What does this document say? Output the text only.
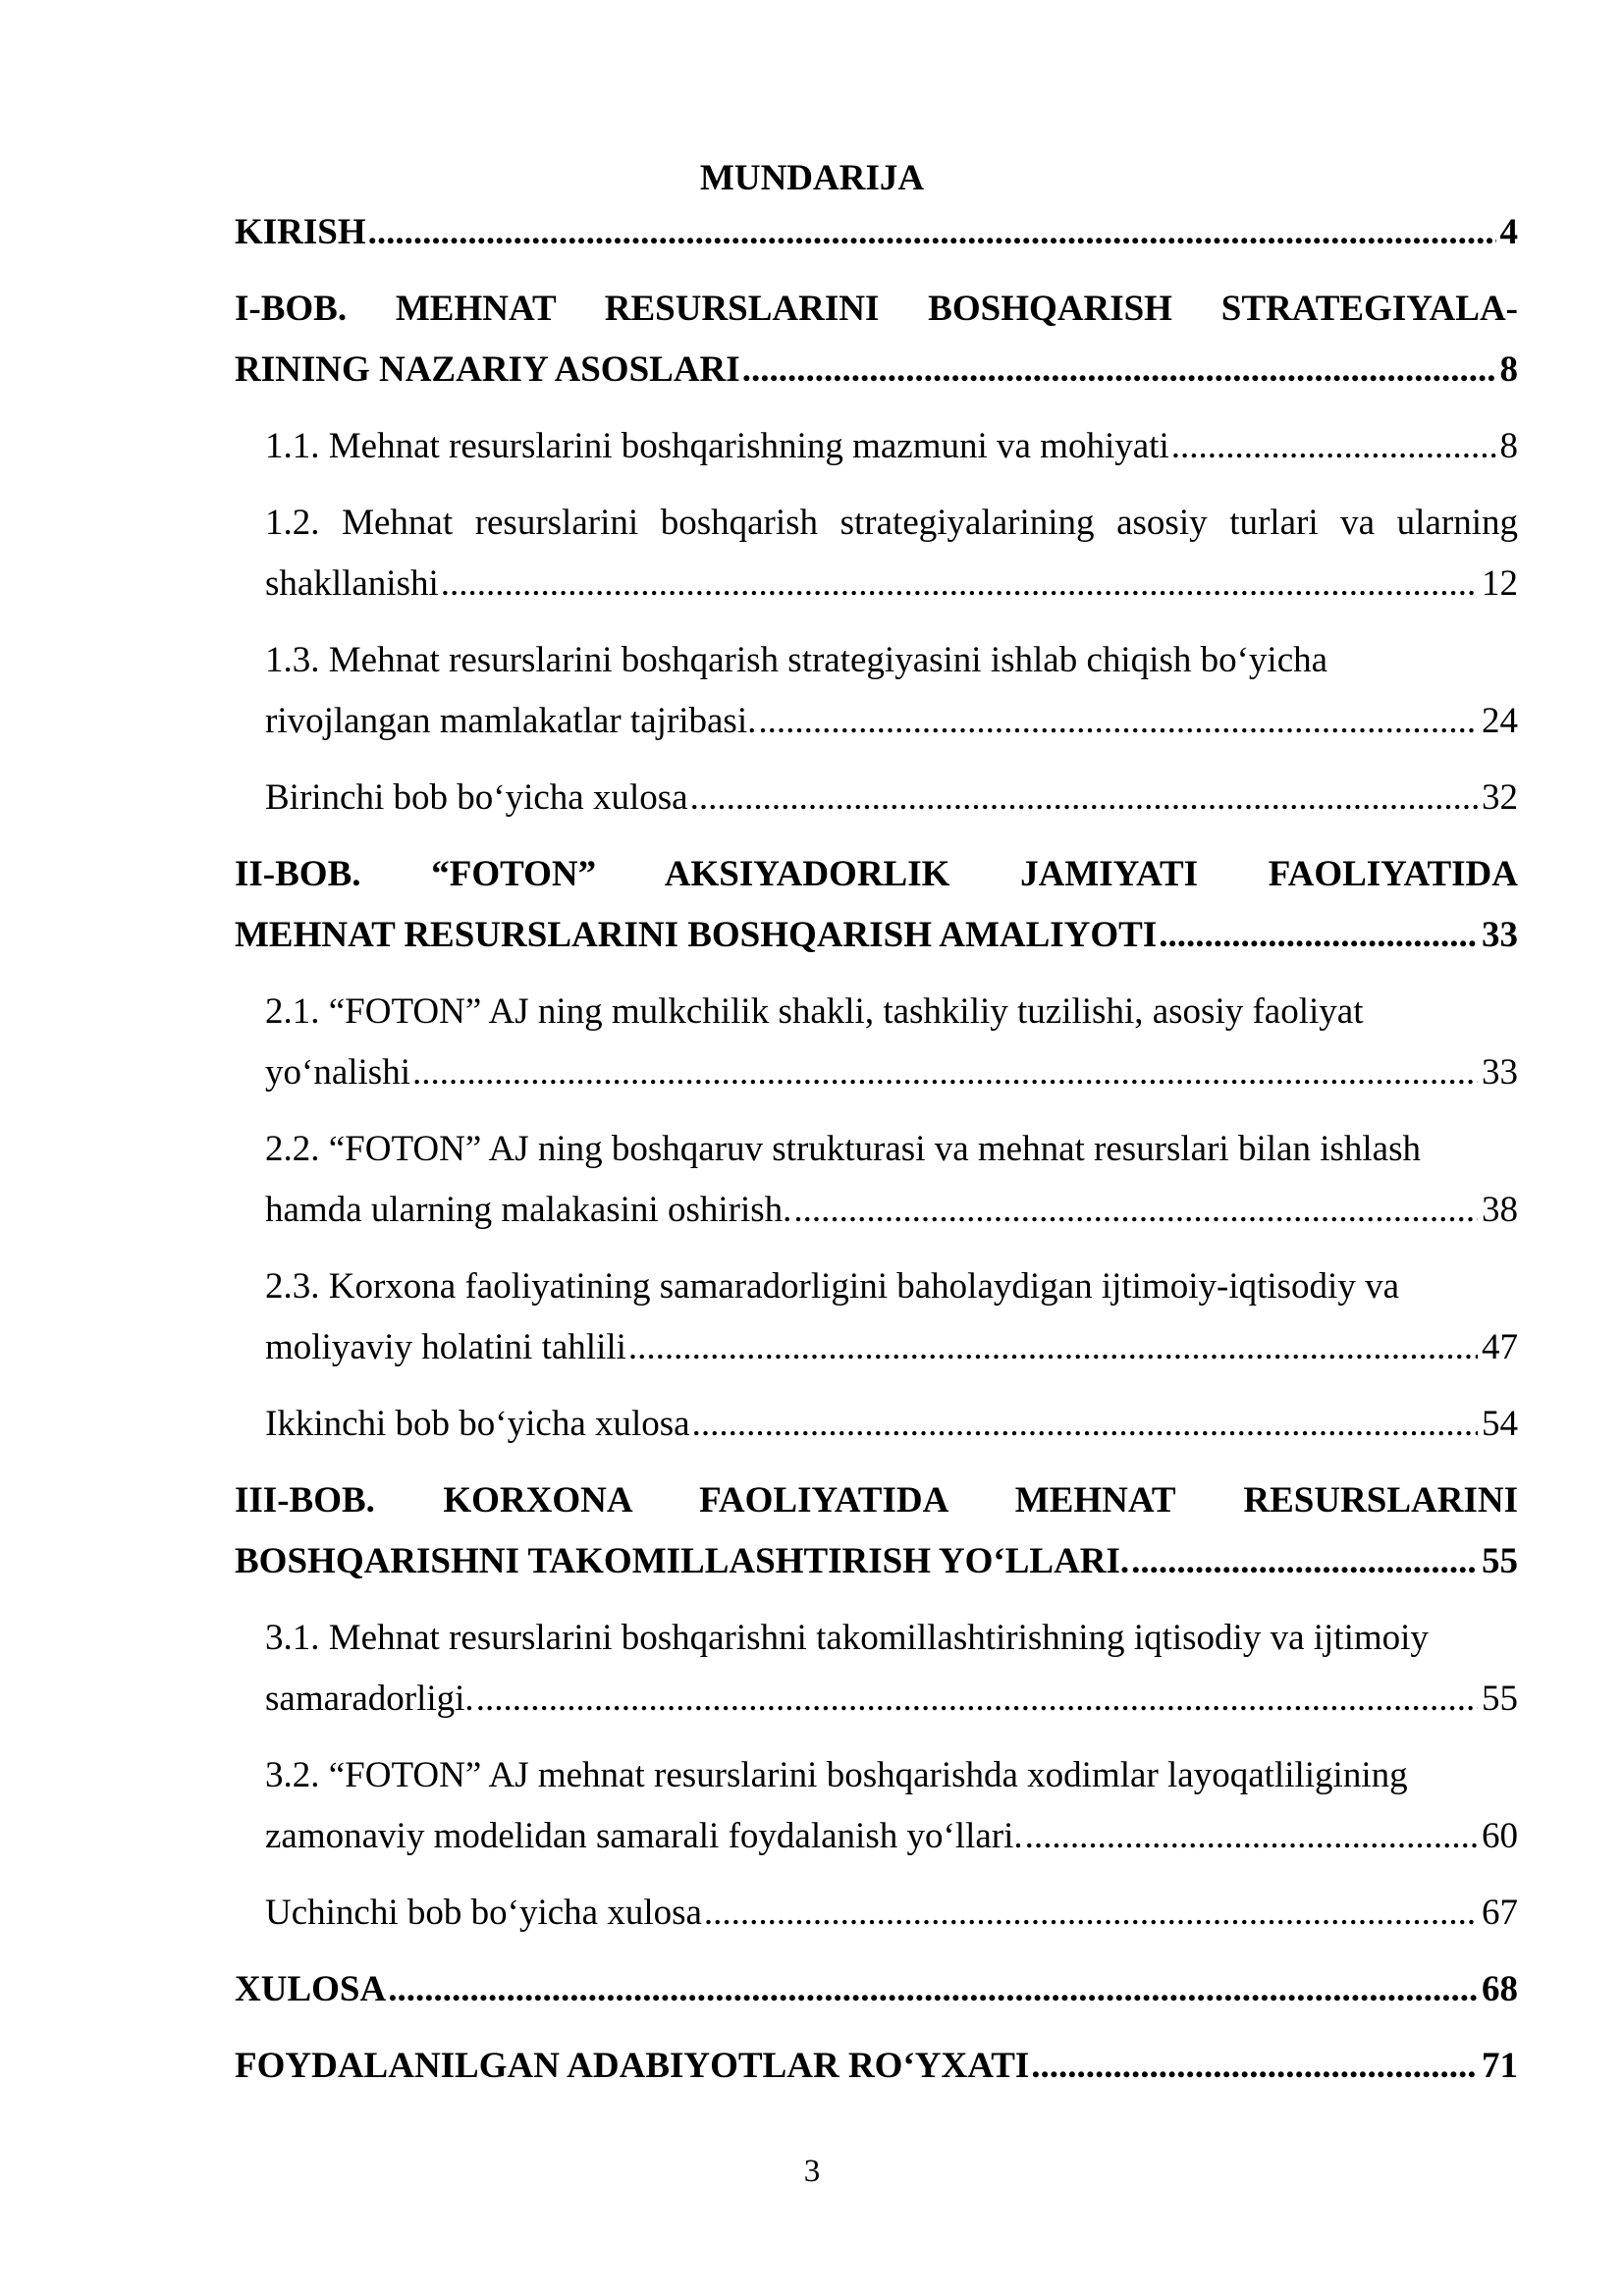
MUNDARIJA
KIRISH .....	4
I-BOB. MEHNAT RESURSLARINI BOSHQARISH STRATEGIYALA-
RINING NAZARIY ASOSLARI .....	8
1.1. Mehnat resurslarini boshqarishning mazmuni va mohiyati .....	8
1.2. Mehnat resurslarini boshqarish strategiyalarining asosiy turlari va ularning
shakllanishi .....	12
1.3. Mehnat resurslarini boshqarish strategiyasini ishlab chiqish bo‘yicha
rivojlangan mamlakatlar tajribasi. .....	24
Birinchi bob bo‘yicha xulosa .....	32
II-BOB. “FOTON” AKSIYADORLIK JAMIYATI FAOLIYATIDA
MEHNAT RESURSLARINI BOSHQARISH AMALIYOTI .....	33
2.1. “FOTON” AJ ning mulkchilik shakli, tashkiliy tuzilishi, asosiy faoliyat
yo‘nalishi .....	33
2.2. “FOTON” AJ ning boshqaruv strukturasi va mehnat resurslari bilan ishlash
hamda ularning malakasini oshirish. .....	38
2.3. Korxona faoliyatining samaradorligini baholaydigan ijtimoiy-iqtisodiy va
moliyaviy holatini tahlili .....	47
Ikkinchi bob bo‘yicha xulosa .....	54
III-BOB. KORXONA FAOLIYATIDA MEHNAT RESURSLARINI
BOSHQARISHNI TAKOMILLASHTIRISH YO‘LLARI. .....	55
3.1. Mehnat resurslarini boshqarishni takomillashtirishning iqtisodiy va ijtimoiy
samaradorligi. .....	55
3.2. “FOTON” AJ mehnat resurslarini boshqarishda xodimlar layoqatliligining
zamonaviy modelidan samarali foydalanish yo‘llari. .....	60
Uchinchi bob bo‘yicha xulosa .....	67
XULOSA .....	68
FOYDALANILGAN ADABIYOTLAR RO‘YXATI .....	71
3
